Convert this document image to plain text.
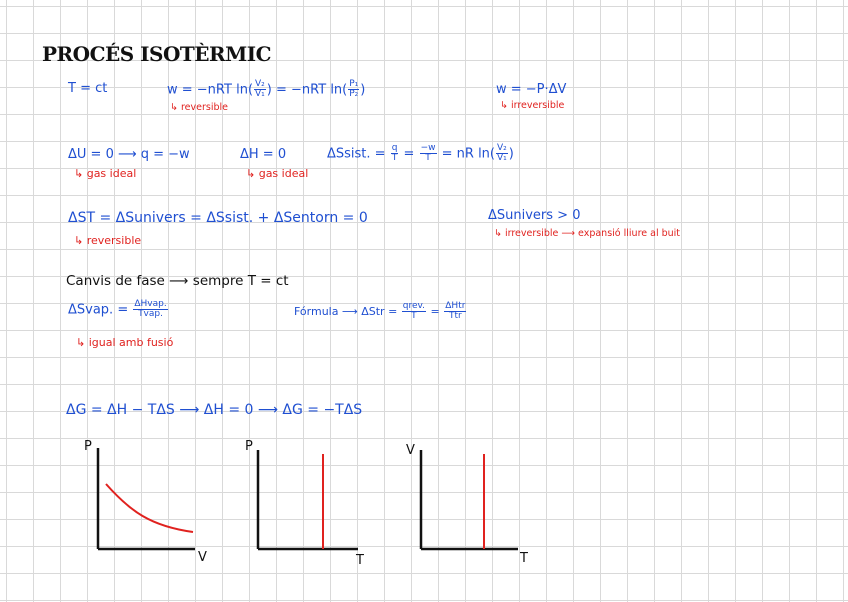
PROCÉS ISOTÈRMIC
T = ct	w = −nRT $\ln( \frac{\text{V₂}}{\text{V₁}}$ ) = −nRT $\ln( \frac{\text{P₁}}{\text{P₂}}$ )
↳ reversible
w = −P·ΔV
↳ irreversible
ΔU = 0 ⟶ q = −w
↳ gas ideal
ΔH = 0
↳ gas ideal
ΔSsist. = $\frac{q}{T} = \frac{-w}{T}$ = nR $\ln( \frac{\text{V₂}}{\text{V₁}}$ )
ΔST = ΔSunivers = ΔSsist. + ΔSentorn = 0
↳ reversible
ΔSunivers > 0
↳ irreversible ⟶ expansió lliure al buit
Canvis de fase ⟶ sempre T = ct
ΔSvap. = $\frac{\text{ΔHvap.}}{\text{Tvap.}}$
↳ igual amb fusió
Fórmula ⟶ $\Delta Str = \frac{\text{qrev.}}{T} = \frac{\text{ΔHtr}}{\text{Ttr}}$
ΔG = ΔH − TΔS ⟶ ΔH = 0 ⟶ ΔG = −TΔS
P
V
P
T
V
T
